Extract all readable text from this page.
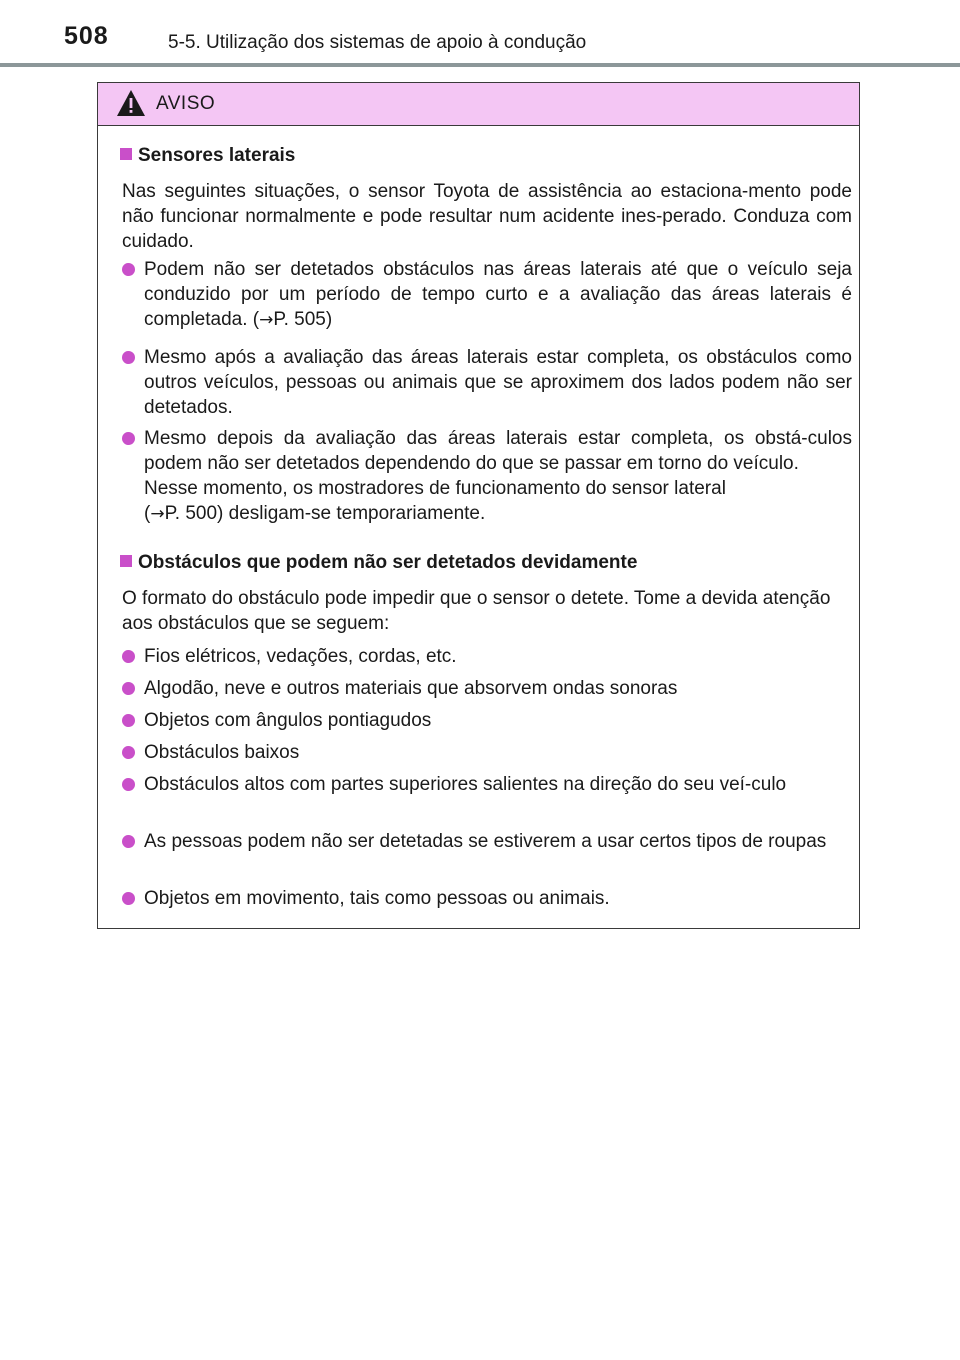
508	5-5. Utilização dos sistemas de apoio à condução
AVISO
Sensores laterais
Nas seguintes situações, o sensor Toyota de assistência ao estaciona-mento pode não funcionar normalmente e pode resultar num acidente ines-perado. Conduza com cuidado.
Podem não ser detetados obstáculos nas áreas laterais até que o veículo seja conduzido por um período de tempo curto e a avaliação das áreas laterais é completada. (→P. 505)
Mesmo após a avaliação das áreas laterais estar completa, os obstáculos como outros veículos, pessoas ou animais que se aproximem dos lados podem não ser detetados.
Mesmo depois da avaliação das áreas laterais estar completa, os obstá-culos podem não ser detetados dependendo do que se passar em torno do veículo.
Nesse momento, os mostradores de funcionamento do sensor lateral
(→P. 500) desligam-se temporariamente.
Obstáculos que podem não ser detetados devidamente
O formato do obstáculo pode impedir que o sensor o detete. Tome a devida atenção aos obstáculos que se seguem:
Fios elétricos, vedações, cordas, etc.
Algodão, neve e outros materiais que absorvem ondas sonoras
Objetos com ângulos pontiagudos
Obstáculos baixos
Obstáculos altos com partes superiores salientes na direção do seu veí-culo
As pessoas podem não ser detetadas se estiverem a usar certos tipos de roupas
Objetos em movimento, tais como pessoas ou animais.
